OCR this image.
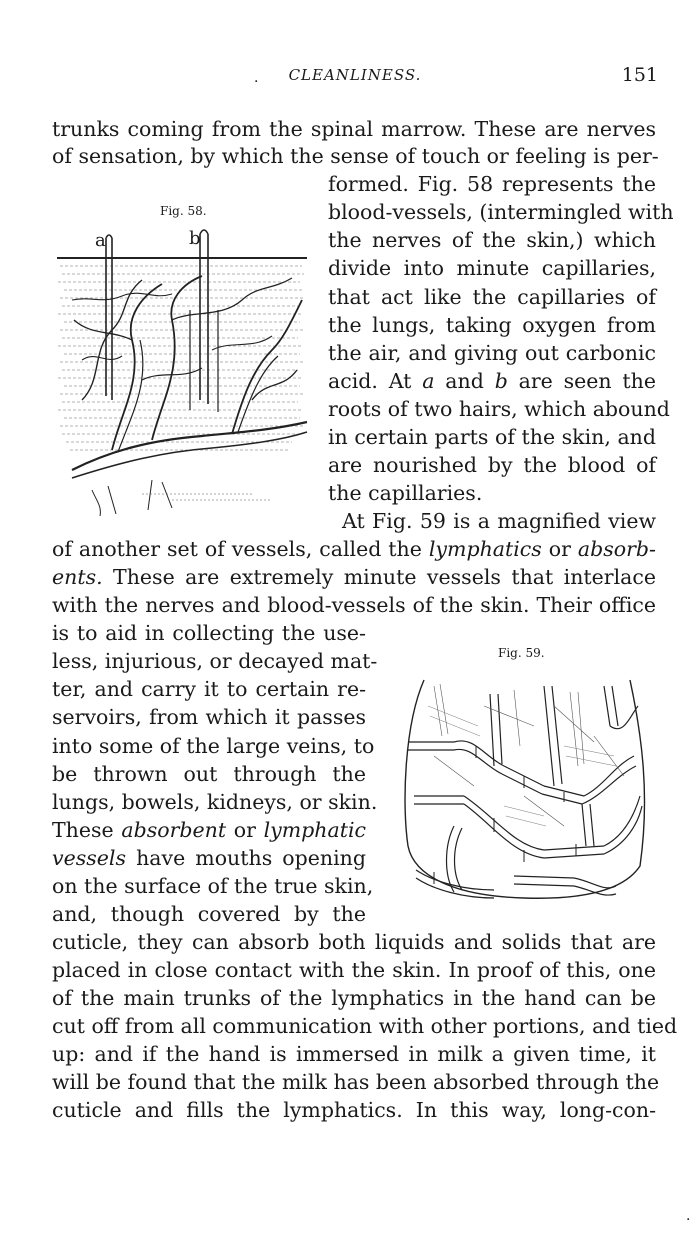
CLEANLINESS.	151
trunks coming from the spinal marrow. These are nerves
of sensation, by which the sense of touch or feeling is per-
formed. Fig. 58 represents the
blood-vessels, (intermingled with
the nerves of the skin,) which
divide into minute capillaries,
that act like the capillaries of
the lungs, taking oxygen from
the air, and giving out carbonic
acid. At a and b are seen the
roots of two hairs, which abound
in certain parts of the skin, and
are nourished by the blood of
the capillaries.
At Fig. 59 is a magnified view
of another set of vessels, called the lymphatics or absorb-
ents. These are extremely minute vessels that interlace
with the nerves and blood-vessels of the skin. Their office
is to aid in collecting the use-
less, injurious, or decayed mat-
ter, and carry it to certain re-
servoirs, from which it passes
into some of the large veins, to
be thrown out through the
lungs, bowels, kidneys, or skin.
These absorbent or lymphatic
vessels have mouths opening
on the surface of the true skin,
and, though covered by the
cuticle, they can absorb both liquids and solids that are
placed in close contact with the skin. In proof of this, one
of the main trunks of the lymphatics in the hand can be
cut off from all communication with other portions, and tied
up: and if the hand is immersed in milk a given time, it
will be found that the milk has been absorbed through the
cuticle and fills the lymphatics. In this way, long-con-
Fig. 58.
a	b
Fig. 59.
·
·
